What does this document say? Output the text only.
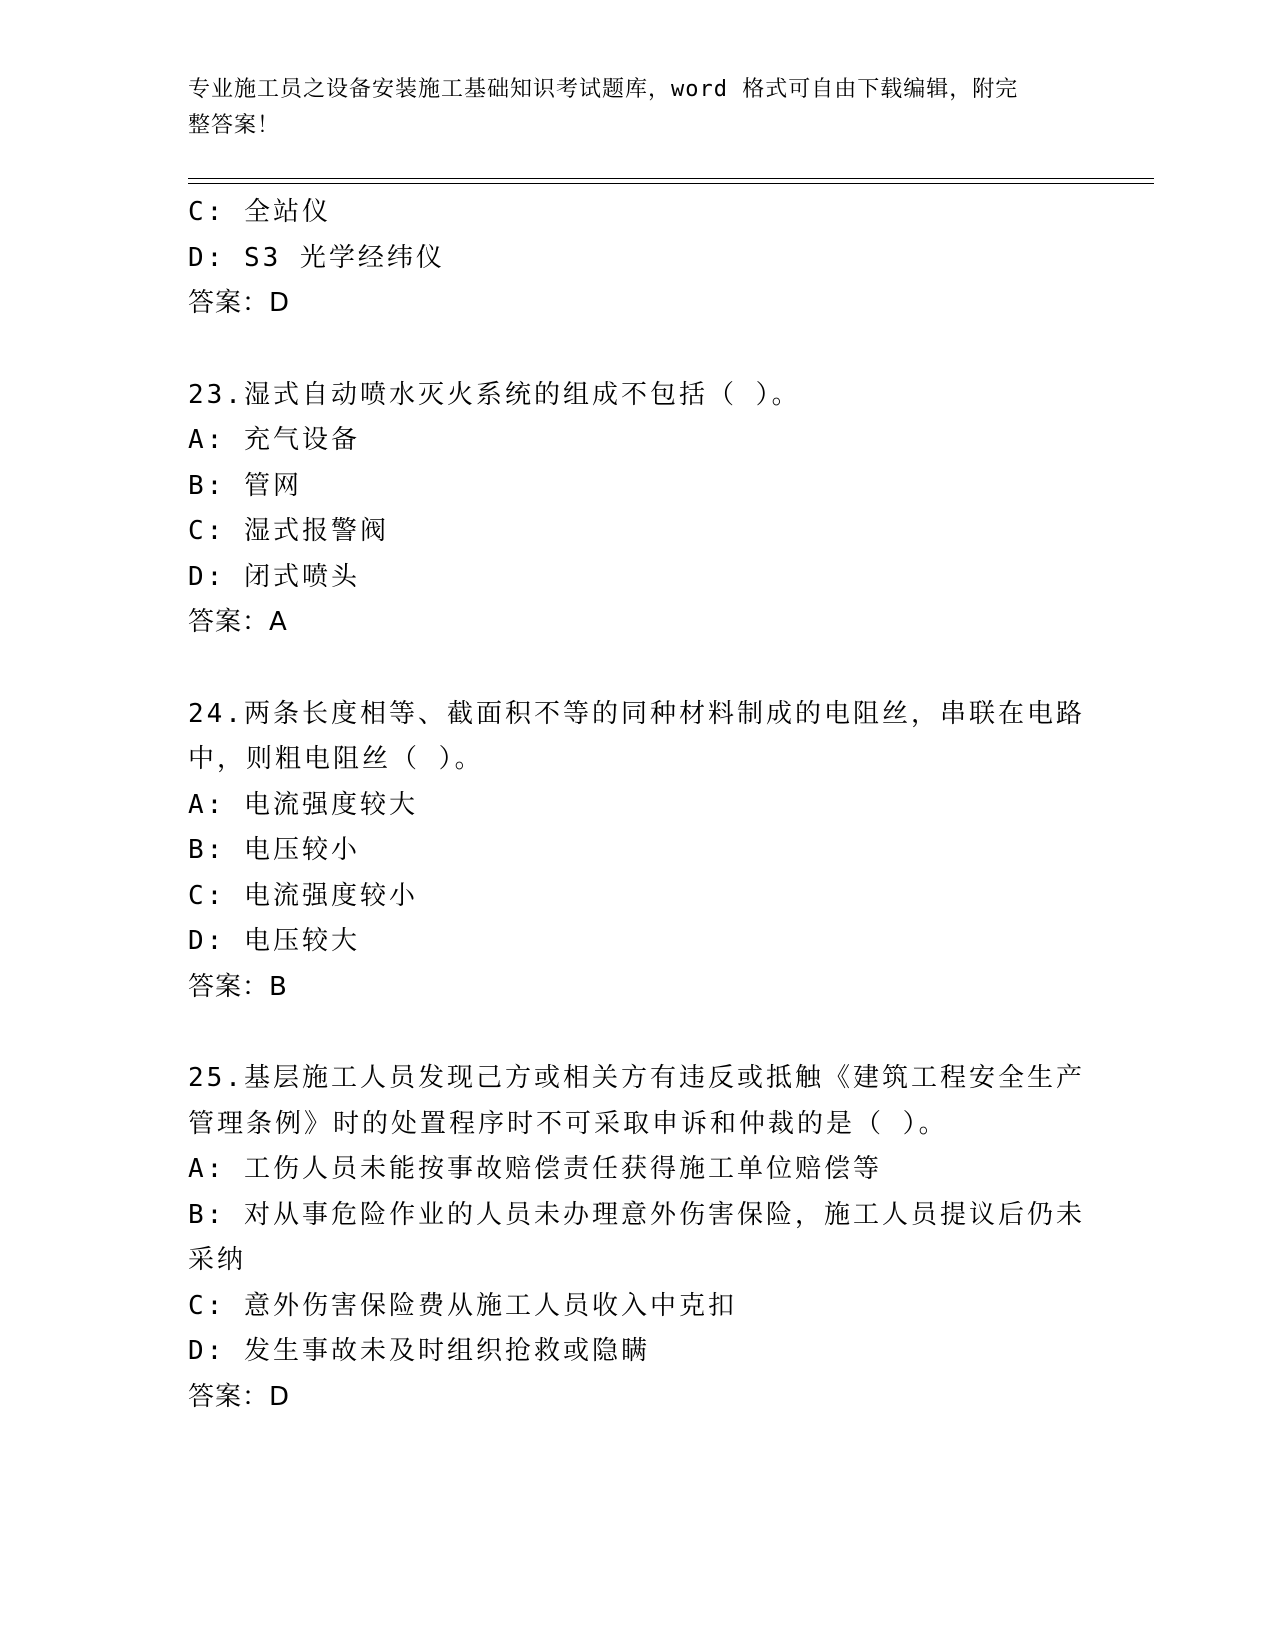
专业施工员之设备安装施工基础知识考试题库，word 格式可自由下载编辑，附完
整答案！
C: 全站仪
D: S3 光学经纬仪
答案：D
23.湿式自动喷水灭火系统的组成不包括（ ）。
A: 充气设备
B: 管网
C: 湿式报警阀
D: 闭式喷头
答案：A
24.两条长度相等、截面积不等的同种材料制成的电阻丝，串联在电路
中，则粗电阻丝（ ）。
A: 电流强度较大
B: 电压较小
C: 电流强度较小
D: 电压较大
答案：B
25.基层施工人员发现己方或相关方有违反或抵触《建筑工程安全生产
管理条例》时的处置程序时不可采取申诉和仲裁的是（ ）。
A: 工伤人员未能按事故赔偿责任获得施工单位赔偿等
B: 对从事危险作业的人员未办理意外伤害保险，施工人员提议后仍未
采纳
C: 意外伤害保险费从施工人员收入中克扣
D: 发生事故未及时组织抢救或隐瞒
答案：D
